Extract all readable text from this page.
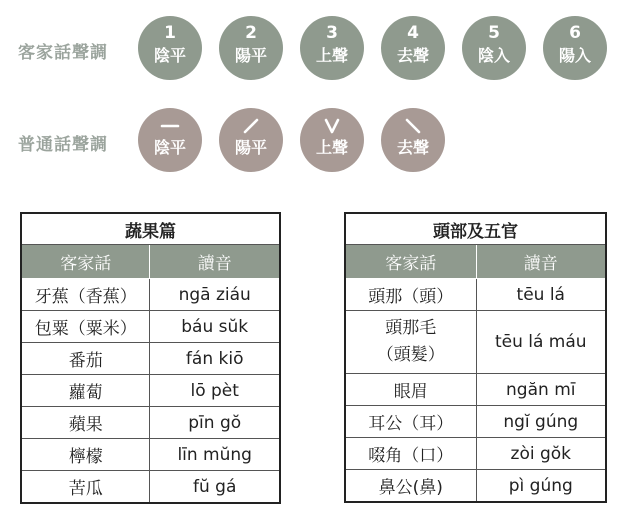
客家話聲調
1
陰平
2
陽平
3
上聲
4
去聲
5
陰入
6
陽入
普通話聲調	陰平	陽平	上聲	去聲
蔬果篇	
客家話	讀音
牙蕉（香蕉）	ngā ziáu
包粟（粟米）	báu sŭk
番茄	fán kiō
蘿蔔	lō pèt
蘋果	pīn gŏ
檸檬	līn mŭng
苦瓜	fŭ gá
頭部及五官	
客家話	讀音
頭那（頭）	tēu lá

頭那毛
（頭髮）	tēu lá máu
眼眉	ngăn mī
耳公（耳）	ngĭ gúng
啜角（口）	zòi gŏk
鼻公(鼻)	pì gúng
